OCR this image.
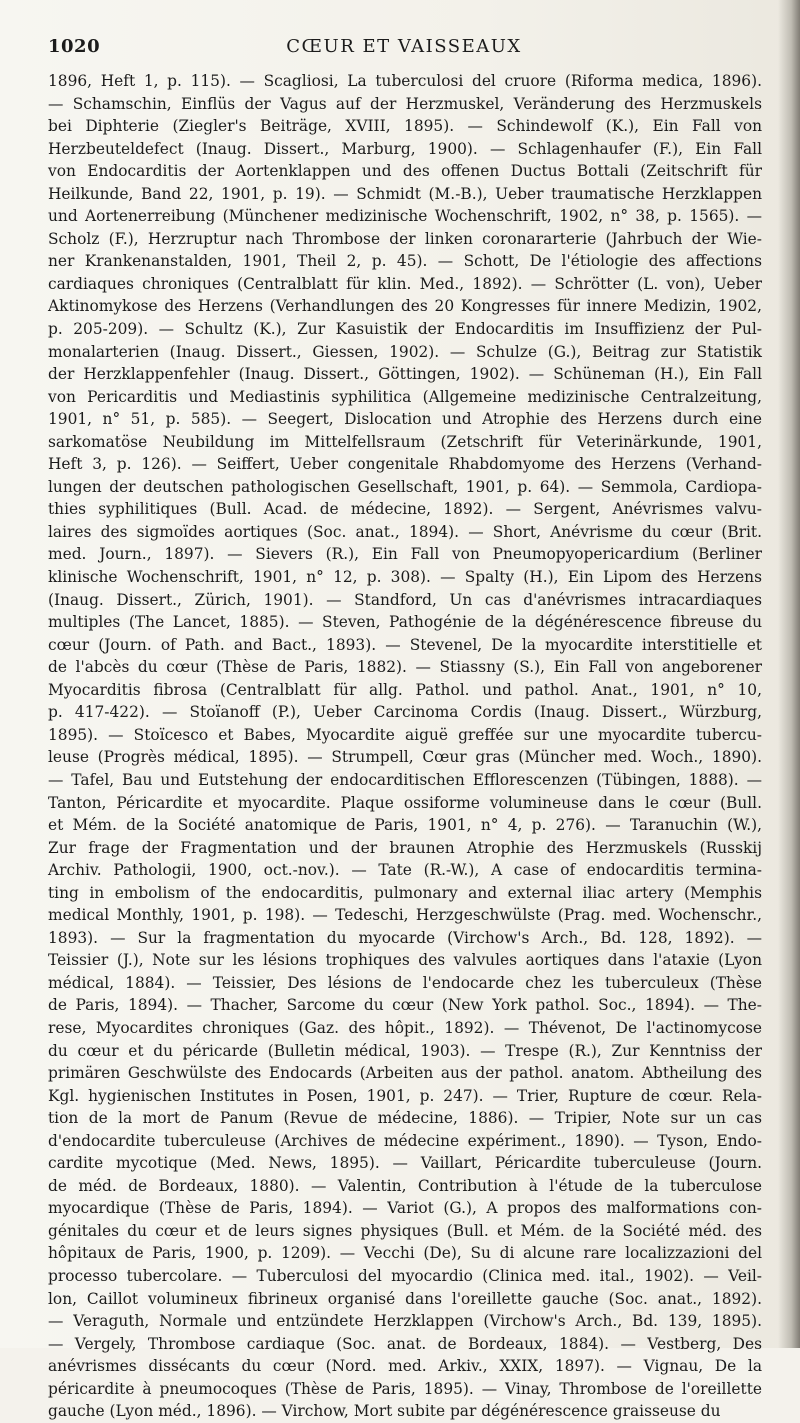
1020	CŒUR ET VAISSEAUX
1896, Heft 1, p. 115). — Scagliosi, La tuberculosi del cruore (Riforma medica, 1896).
— Schamschin, Einflüs der Vagus auf der Herzmuskel, Veränderung des Herzmuskels
bei Diphterie (Ziegler's Beiträge, XVIII, 1895). — Schindewolf (K.), Ein Fall von
Herzbeuteldefect (Inaug. Dissert., Marburg, 1900). — Schlagenhaufer (F.), Ein Fall
von Endocarditis der Aortenklappen und des offenen Ductus Bottali (Zeitschrift für
Heilkunde, Band 22, 1901, p. 19). — Schmidt (M.-B.), Ueber traumatische Herzklappen
und Aortenerreibung (Münchener medizinische Wochenschrift, 1902, n° 38, p. 1565). —
Scholz (F.), Herzruptur nach Thrombose der linken coronararterie (Jahrbuch der Wie-
ner Krankenanstalden, 1901, Theil 2, p. 45). — Schott, De l'étiologie des affections
cardiaques chroniques (Centralblatt für klin. Med., 1892). — Schrötter (L. von), Ueber
Aktinomykose des Herzens (Verhandlungen des 20 Kongresses für innere Medizin, 1902,
p. 205-209). — Schultz (K.), Zur Kasuistik der Endocarditis im Insuffizienz der Pul-
monalarterien (Inaug. Dissert., Giessen, 1902). — Schulze (G.), Beitrag zur Statistik
der Herzklappenfehler (Inaug. Dissert., Göttingen, 1902). — Schüneman (H.), Ein Fall
von Pericarditis und Mediastinis syphilitica (Allgemeine medizinische Centralzeitung,
1901, n° 51, p. 585). — Seegert, Dislocation und Atrophie des Herzens durch eine
sarkomatöse Neubildung im Mittelfellsraum (Zetschrift für Veterinärkunde, 1901,
Heft 3, p. 126). — Seiffert, Ueber congenitale Rhabdomyome des Herzens (Verhand-
lungen der deutschen pathologischen Gesellschaft, 1901, p. 64). — Semmola, Cardiopa-
thies syphilitiques (Bull. Acad. de médecine, 1892). — Sergent, Anévrismes valvu-
laires des sigmoïdes aortiques (Soc. anat., 1894). — Short, Anévrisme du cœur (Brit.
med. Journ., 1897). — Sievers (R.), Ein Fall von Pneumopyopericardium (Berliner
klinische Wochenschrift, 1901, n° 12, p. 308). — Spalty (H.), Ein Lipom des Herzens
(Inaug. Dissert., Zürich, 1901). — Standford, Un cas d'anévrismes intracardiaques
multiples (The Lancet, 1885). — Steven, Pathogénie de la dégénérescence fibreuse du
cœur (Journ. of Path. and Bact., 1893). — Stevenel, De la myocardite interstitielle et
de l'abcès du cœur (Thèse de Paris, 1882). — Stiassny (S.), Ein Fall von angeborener
Myocarditis fibrosa (Centralblatt für allg. Pathol. und pathol. Anat., 1901, n° 10,
p. 417-422). — Stoïanoff (P.), Ueber Carcinoma Cordis (Inaug. Dissert., Würzburg,
1895). — Stoïcesco et Babes, Myocardite aiguë greffée sur une myocardite tubercu-
leuse (Progrès médical, 1895). — Strumpell, Cœur gras (Müncher med. Woch., 1890).
— Tafel, Bau und Eutstehung der endocarditischen Efflorescenzen (Tübingen, 1888). —
Tanton, Péricardite et myocardite. Plaque ossiforme volumineuse dans le cœur (Bull.
et Mém. de la Société anatomique de Paris, 1901, n° 4, p. 276). — Taranuchin (W.),
Zur frage der Fragmentation und der braunen Atrophie des Herzmuskels (Russkij
Archiv. Pathologii, 1900, oct.-nov.). — Tate (R.-W.), A case of endocarditis termina-
ting in embolism of the endocarditis, pulmonary and external iliac artery (Memphis
medical Monthly, 1901, p. 198). — Tedeschi, Herzgeschwülste (Prag. med. Wochenschr.,
1893). — Sur la fragmentation du myocarde (Virchow's Arch., Bd. 128, 1892). —
Teissier (J.), Note sur les lésions trophiques des valvules aortiques dans l'ataxie (Lyon
médical, 1884). — Teissier, Des lésions de l'endocarde chez les tuberculeux (Thèse
de Paris, 1894). — Thacher, Sarcome du cœur (New York pathol. Soc., 1894). — The-
rese, Myocardites chroniques (Gaz. des hôpit., 1892). — Thévenot, De l'actinomycose
du cœur et du péricarde (Bulletin médical, 1903). — Trespe (R.), Zur Kenntniss der
primären Geschwülste des Endocards (Arbeiten aus der pathol. anatom. Abtheilung des
Kgl. hygienischen Institutes in Posen, 1901, p. 247). — Trier, Rupture de cœur. Rela-
tion de la mort de Panum (Revue de médecine, 1886). — Tripier, Note sur un cas
d'endocardite tuberculeuse (Archives de médecine expériment., 1890). — Tyson, Endo-
cardite mycotique (Med. News, 1895). — Vaillart, Péricardite tuberculeuse (Journ.
de méd. de Bordeaux, 1880). — Valentin, Contribution à l'étude de la tuberculose
myocardique (Thèse de Paris, 1894). — Variot (G.), A propos des malformations con-
génitales du cœur et de leurs signes physiques (Bull. et Mém. de la Société méd. des
hôpitaux de Paris, 1900, p. 1209). — Vecchi (De), Su di alcune rare localizzazioni del
processo tubercolare. — Tuberculosi del myocardio (Clinica med. ital., 1902). — Veil-
lon, Caillot volumineux fibrineux organisé dans l'oreillette gauche (Soc. anat., 1892).
— Veraguth, Normale und entzündete Herzklappen (Virchow's Arch., Bd. 139, 1895).
— Vergely, Thrombose cardiaque (Soc. anat. de Bordeaux, 1884). — Vestberg, Des
anévrismes dissécants du cœur (Nord. med. Arkiv., XXIX, 1897). — Vignau, De la
péricardite à pneumocoques (Thèse de Paris, 1895). — Vinay, Thrombose de l'oreillette
gauche (Lyon méd., 1896). — Virchow, Mort subite par dégénérescence graisseuse du
